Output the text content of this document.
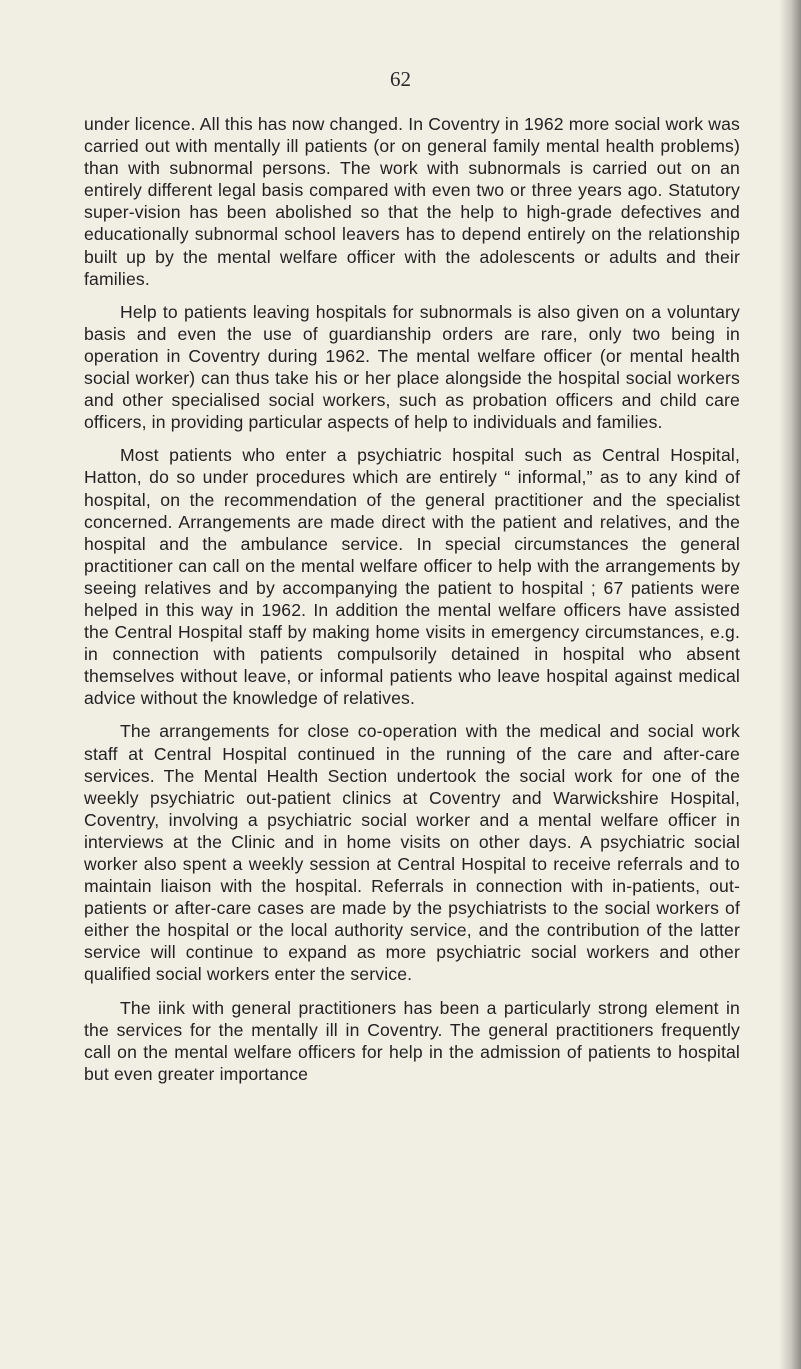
62

under licence. All this has now changed. In Coventry in 1962 more social work was carried out with mentally ill patients (or on general family mental health problems) than with subnormal persons. The work with subnormals is carried out on an entirely different legal basis compared with even two or three years ago. Statutory super-vision has been abolished so that the help to high-grade defectives and educationally subnormal school leavers has to depend entirely on the relationship built up by the mental welfare officer with the adolescents or adults and their families.

Help to patients leaving hospitals for subnormals is also given on a voluntary basis and even the use of guardianship orders are rare, only two being in operation in Coventry during 1962. The mental welfare officer (or mental health social worker) can thus take his or her place alongside the hospital social workers and other specialised social workers, such as probation officers and child care officers, in providing particular aspects of help to individuals and families.

Most patients who enter a psychiatric hospital such as Central Hospital, Hatton, do so under procedures which are entirely “ informal,” as to any kind of hospital, on the recommendation of the general practitioner and the specialist concerned. Arrangements are made direct with the patient and relatives, and the hospital and the ambulance service. In special circumstances the general practitioner can call on the mental welfare officer to help with the arrangements by seeing relatives and by accompanying the patient to hospital ; 67 patients were helped in this way in 1962. In addition the mental welfare officers have assisted the Central Hospital staff by making home visits in emergency circumstances, e.g. in connection with patients compulsorily detained in hospital who absent themselves without leave, or informal patients who leave hospital against medical advice without the knowledge of relatives.

The arrangements for close co-operation with the medical and social work staff at Central Hospital continued in the running of the care and after-care services. The Mental Health Section undertook the social work for one of the weekly psychiatric out-patient clinics at Coventry and Warwickshire Hospital, Coventry, involving a psychiatric social worker and a mental welfare officer in interviews at the Clinic and in home visits on other days. A psychiatric social worker also spent a weekly session at Central Hospital to receive referrals and to maintain liaison with the hospital. Referrals in connection with in-patients, out-patients or after-care cases are made by the psychiatrists to the social workers of either the hospital or the local authority service, and the contribution of the latter service will continue to expand as more psychiatric social workers and other qualified social workers enter the service.

The iink with general practitioners has been a particularly strong element in the services for the mentally ill in Coventry. The general practitioners frequently call on the mental welfare officers for help in the admission of patients to hospital but even greater importance
